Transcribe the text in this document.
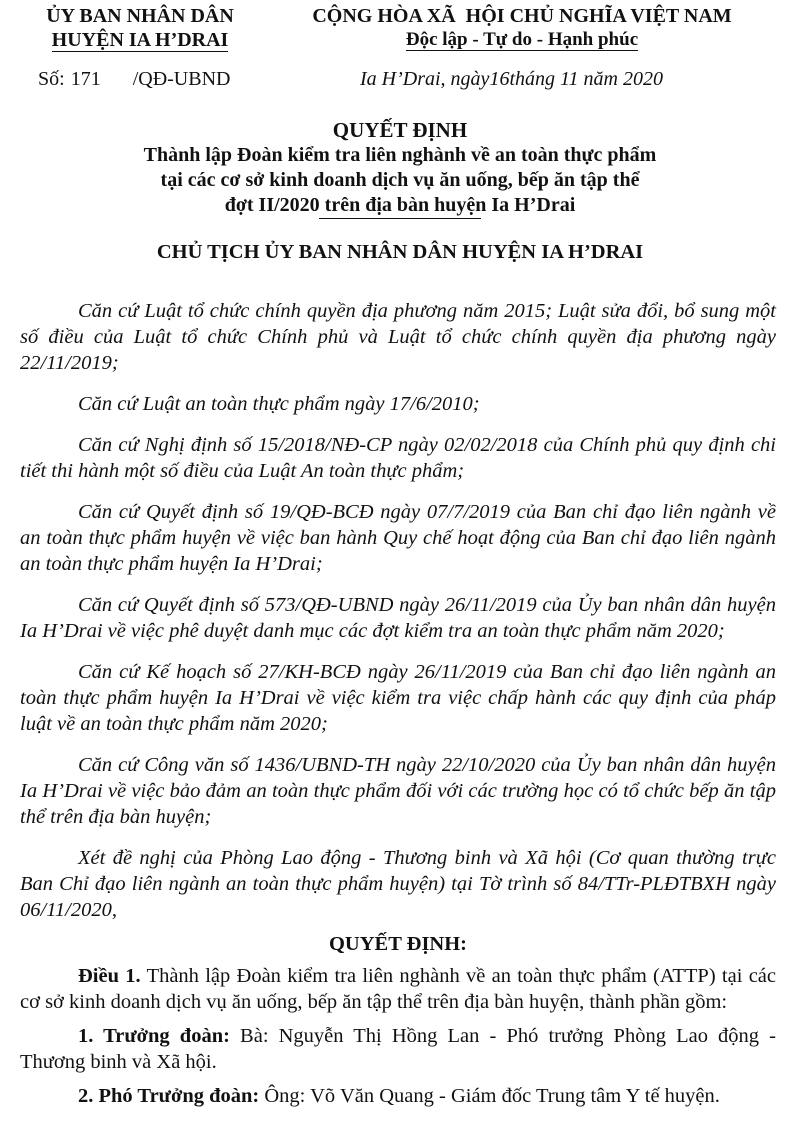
ỦY BAN NHÂN DÂN
HUYỆN IA H’DRAI
CỘNG HÒA XÃ  HỘI CHỦ NGHĨA VIỆT NAM
Độc lập - Tự do - Hạnh phúc
Số: 171 /QĐ-UBND	Ia H’Drai, ngày16tháng 11 năm 2020
QUYẾT ĐỊNH
Thành lập Đoàn kiểm tra liên nghành về an toàn thực phẩm
tại các cơ sở kinh doanh dịch vụ ăn uống, bếp ăn tập thể
đợt II/2020 trên địa bàn huyện Ia H’Drai
CHỦ TỊCH ỦY BAN NHÂN DÂN HUYỆN IA H’DRAI

Căn cứ Luật tổ chức chính quyền địa phương năm 2015; Luật sửa đổi, bổ sung một số điều của Luật tổ chức Chính phủ và Luật tổ chức chính quyền địa phương ngày 22/11/2019;

Căn cứ Luật an toàn thực phẩm ngày 17/6/2010;

Căn cứ Nghị định số 15/2018/NĐ-CP ngày 02/02/2018 của Chính phủ quy định chi tiết thi hành một số điều của Luật An toàn thực phẩm;

Căn cứ Quyết định số 19/QĐ-BCĐ ngày 07/7/2019 của Ban chỉ đạo liên ngành về an toàn thực phẩm huyện về việc ban hành Quy chế hoạt động của Ban chỉ đạo liên ngành an toàn thực phẩm huyện Ia H’Drai;

Căn cứ Quyết định số 573/QĐ-UBND ngày 26/11/2019 của Ủy ban nhân dân huyện Ia H’Drai về việc phê duyệt danh mục các đợt kiểm tra an toàn thực phẩm năm 2020;

Căn cứ Kế hoạch số 27/KH-BCĐ ngày 26/11/2019 của Ban chỉ đạo liên ngành an toàn thực phẩm huyện Ia H’Drai về việc kiểm tra việc chấp hành các quy định của pháp luật về an toàn thực phẩm năm 2020;

Căn cứ Công văn số 1436/UBND-TH ngày 22/10/2020 của Ủy ban nhân dân huyện Ia H’Drai về việc bảo đảm an toàn thực phẩm đối với các trường học có tổ chức bếp ăn tập thể trên địa bàn huyện;

Xét đề nghị của Phòng Lao động - Thương binh và Xã hội (Cơ quan thường trực Ban Chỉ đạo liên ngành an toàn thực phẩm huyện) tại Tờ trình số 84/TTr-PLĐTBXH ngày 06/11/2020,

QUYẾT ĐỊNH:

Điều 1. Thành lập Đoàn kiểm tra liên nghành về an toàn thực phẩm (ATTP) tại các cơ sở kinh doanh dịch vụ ăn uống, bếp ăn tập thể trên địa bàn huyện, thành phần gồm:

1. Trưởng đoàn: Bà: Nguyễn Thị Hồng Lan - Phó trưởng Phòng Lao động - Thương binh và Xã hội.

2. Phó Trưởng đoàn: Ông: Võ Văn Quang - Giám đốc Trung tâm Y tế huyện.
